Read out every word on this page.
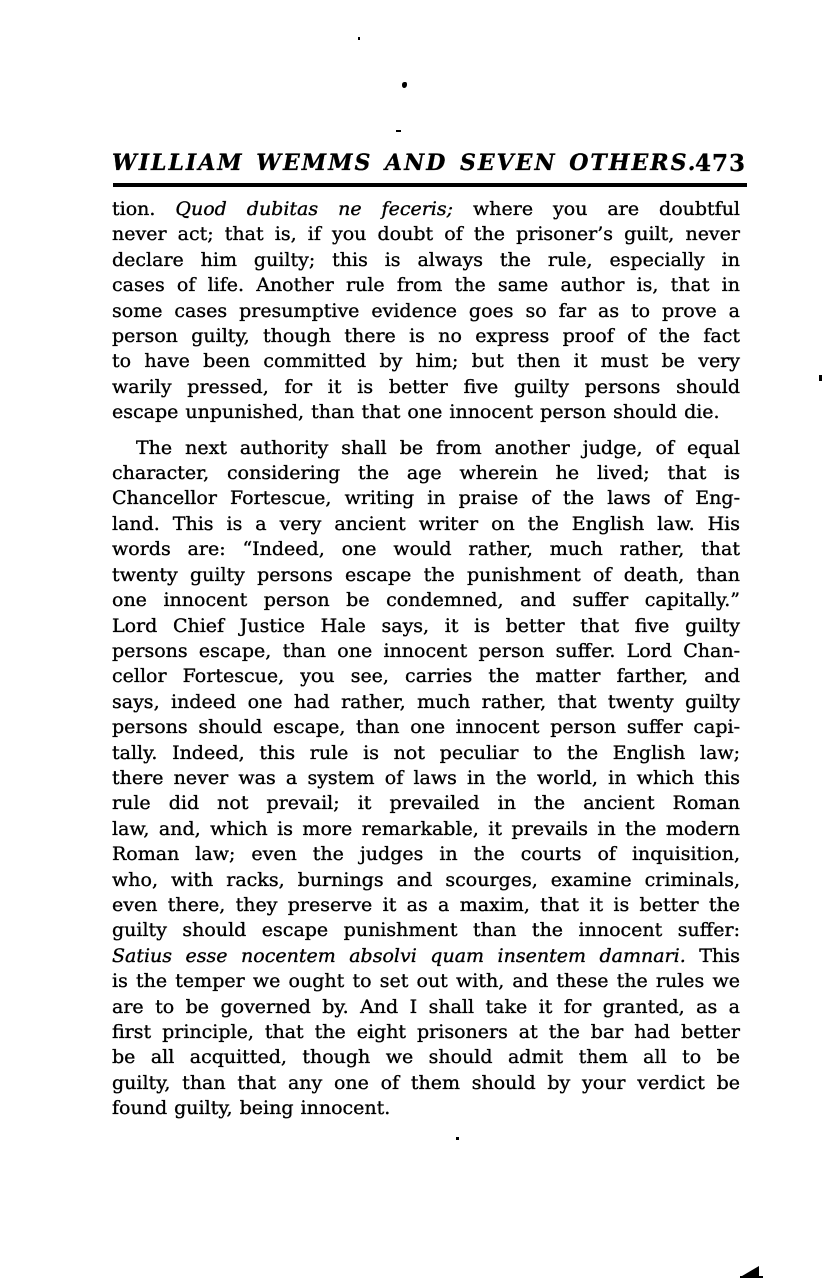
WILLIAM WEMMS AND SEVEN OTHERS.
473
tion. Quod dubitas ne feceris; where you are doubtful
never act; that is, if you doubt of the prisoner’s guilt, never
declare him guilty; this is always the rule, especially in
cases of life. Another rule from the same author is, that in
some cases presumptive evidence goes so far as to prove a
person guilty, though there is no express proof of the fact
to have been committed by him; but then it must be very
warily pressed, for it is better five guilty persons should
escape unpunished, than that one innocent person should die.
The next authority shall be from another judge, of equal
character, considering the age wherein he lived; that is
Chancellor Fortescue, writing in praise of the laws of Eng-
land. This is a very ancient writer on the English law. His
words are: “Indeed, one would rather, much rather, that
twenty guilty persons escape the punishment of death, than
one innocent person be condemned, and suffer capitally.”
Lord Chief Justice Hale says, it is better that five guilty
persons escape, than one innocent person suffer. Lord Chan-
cellor Fortescue, you see, carries the matter farther, and
says, indeed one had rather, much rather, that twenty guilty
persons should escape, than one innocent person suffer capi-
tally. Indeed, this rule is not peculiar to the English law;
there never was a system of laws in the world, in which this
rule did not prevail; it prevailed in the ancient Roman
law, and, which is more remarkable, it prevails in the modern
Roman law; even the judges in the courts of inquisition,
who, with racks, burnings and scourges, examine criminals,
even there, they preserve it as a maxim, that it is better the
guilty should escape punishment than the innocent suffer:
Satius esse nocentem absolvi quam insentem damnari. This
is the temper we ought to set out with, and these the rules we
are to be governed by. And I shall take it for granted, as a
first principle, that the eight prisoners at the bar had better
be all acquitted, though we should admit them all to be
guilty, than that any one of them should by your verdict be
found guilty, being innocent.
